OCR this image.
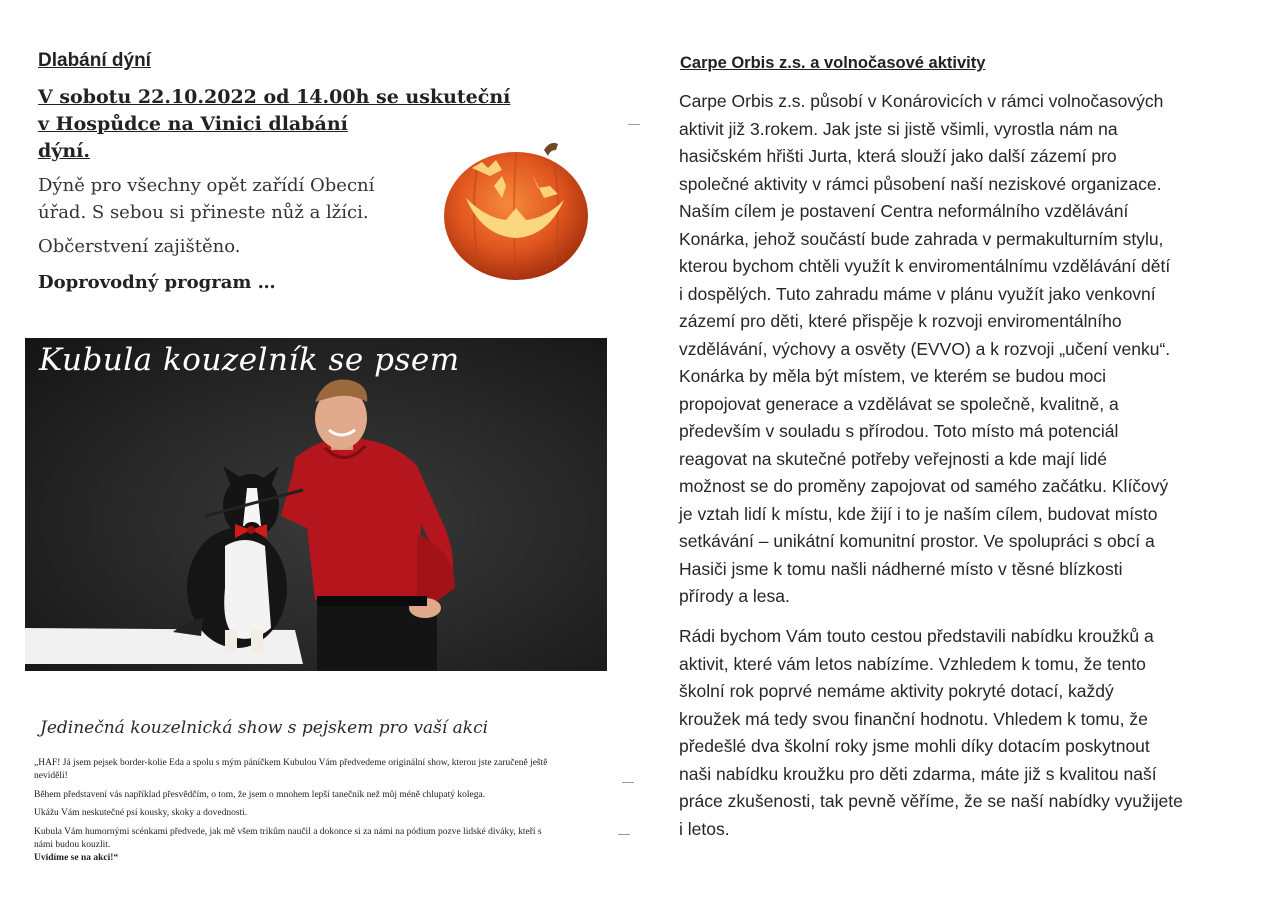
Dlabání dýní
V sobotu 22.10.2022 od 14.00h se uskuteční
v Hospůdce na Vinici dlabání
dýní.
Dýně pro všechny opět zařídí Obecní
úřad. S sebou si přineste nůž a lžíci.
Občerstvení zajištěno.
Doprovodný program …
Kubula kouzelník se psem
Jedinečná kouzelnická show s pejskem pro vaší akci
„HAF! Já jsem pejsek border-kolie Eda a spolu s mým páníčkem Kubulou Vám předvedeme originální show, kterou jste zaručeně ještě
neviděli!
Během představení vás například přesvědčím, o tom, že jsem o mnohem lepší tanečník než můj méně chlupatý kolega.
Ukážu Vám neskutečné psí kousky, skoky a dovednosti.
Kubula Vám humornými scénkami předvede, jak mě všem trikům naučil a dokonce si za námi na pódium pozve lidské diváky, kteří s
námi budou kouzlit.
Uvidíme se na akci!“
Carpe Orbis z.s. a volnočasové aktivity
Carpe Orbis z.s. působí v Konárovicích v rámci volnočasových
aktivit již 3.rokem. Jak jste si jistě všimli, vyrostla nám na
hasičském hřišti Jurta, která slouží jako další zázemí pro
společné aktivity v rámci působení naší neziskové organizace.
Naším cílem je postavení Centra neformálního vzdělávání
Konárka, jehož součástí bude zahrada v permakulturním stylu,
kterou bychom chtěli využít k enviromentálnímu vzdělávání dětí
i dospělých. Tuto zahradu máme v plánu využít jako venkovní
zázemí pro děti, které přispěje k rozvoji enviromentálního
vzdělávání, výchovy a osvěty (EVVO) a k rozvoji „učení venku“.
Konárka by měla být místem, ve kterém se budou moci
propojovat generace a vzdělávat se společně, kvalitně, a
především v souladu s přírodou. Toto místo má potenciál
reagovat na skutečné potřeby veřejnosti a kde mají lidé
možnost se do proměny zapojovat od samého začátku. Klíčový
je vztah lidí k místu, kde žijí i to je naším cílem, budovat místo
setkávání – unikátní komunitní prostor. Ve spolupráci s obcí a
Hasiči jsme k tomu našli nádherné místo v těsné blízkosti
přírody a lesa.
Rádi bychom Vám touto cestou představili nabídku kroužků a
aktivit, které vám letos nabízíme. Vzhledem k tomu, že tento
školní rok poprvé nemáme aktivity pokryté dotací, každý
kroužek má tedy svou finanční hodnotu. Vhledem k tomu, že
předešlé dva školní roky jsme mohli díky dotacím poskytnout
naši nabídku kroužku pro děti zdarma, máte již s kvalitou naší
práce zkušenosti, tak pevně věříme, že se naší nabídky využijete
i letos.
